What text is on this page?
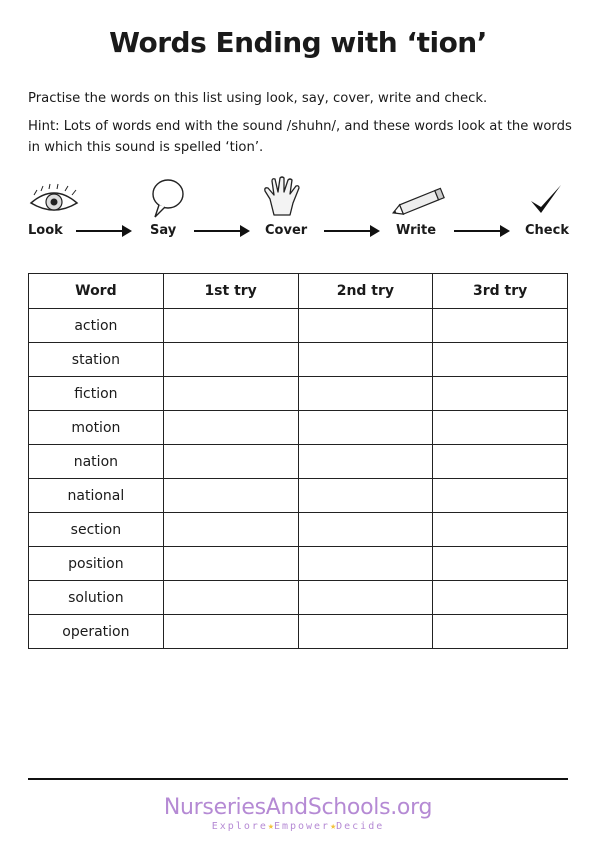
Words Ending with ‘tion’
Practise the words on this list using look, say, cover, write and check.
Hint: Lots of words end with the sound /shuhn/, and these words look at the words in which this sound is spelled ‘tion’.
Look	Say	Cover	Write	Check
Word	1st try	2nd try	3rd try
action			
station			
fiction			
motion			
nation			
national			
section			
position			
solution			
operation			
NurseriesAndSchools.org
Explore★Empower★Decide
